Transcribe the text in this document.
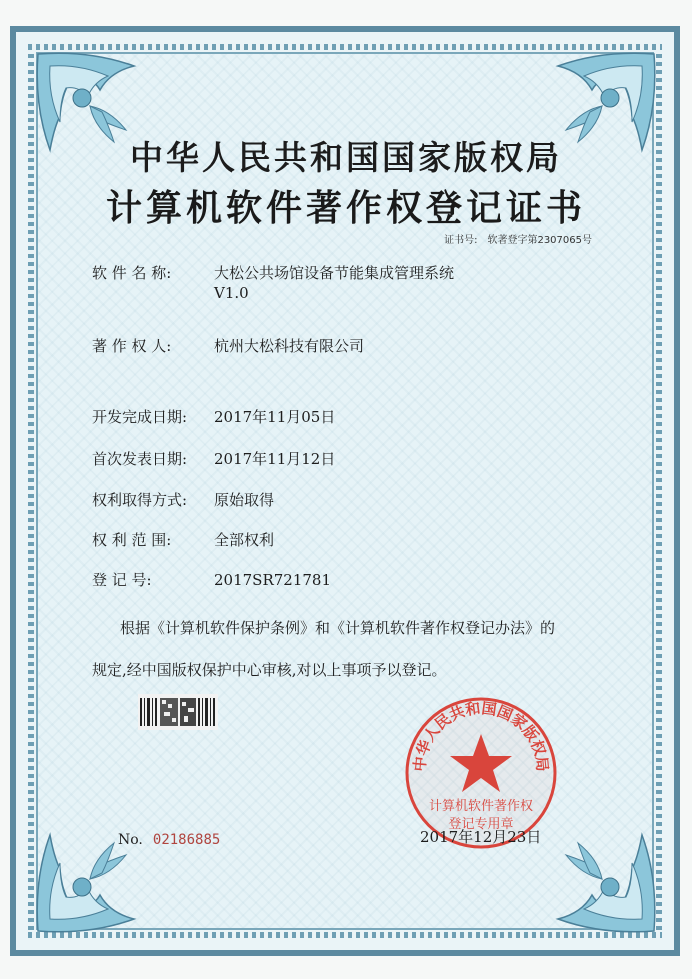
中华人民共和国国家版权局
计算机软件著作权登记证书
证书号: 软著登字第2307065号
软 件 名 称:	大松公共场馆设备节能集成管理系统
V1.0
著 作 权 人:	杭州大松科技有限公司
开发完成日期: 2017年11月05日
首次发表日期: 2017年11月12日
权利取得方式: 原始取得
权 利 范 围:	全部权利
登 记 号:	2017SR721781
根据《计算机软件保护条例》和《计算机软件著作权登记办法》的
规定,经中国版权保护中心审核,对以上事项予以登记。
No. 02186885
中华人民共和国国家版权局
计算机软件著作权
登记专用章
2017年12月23日
